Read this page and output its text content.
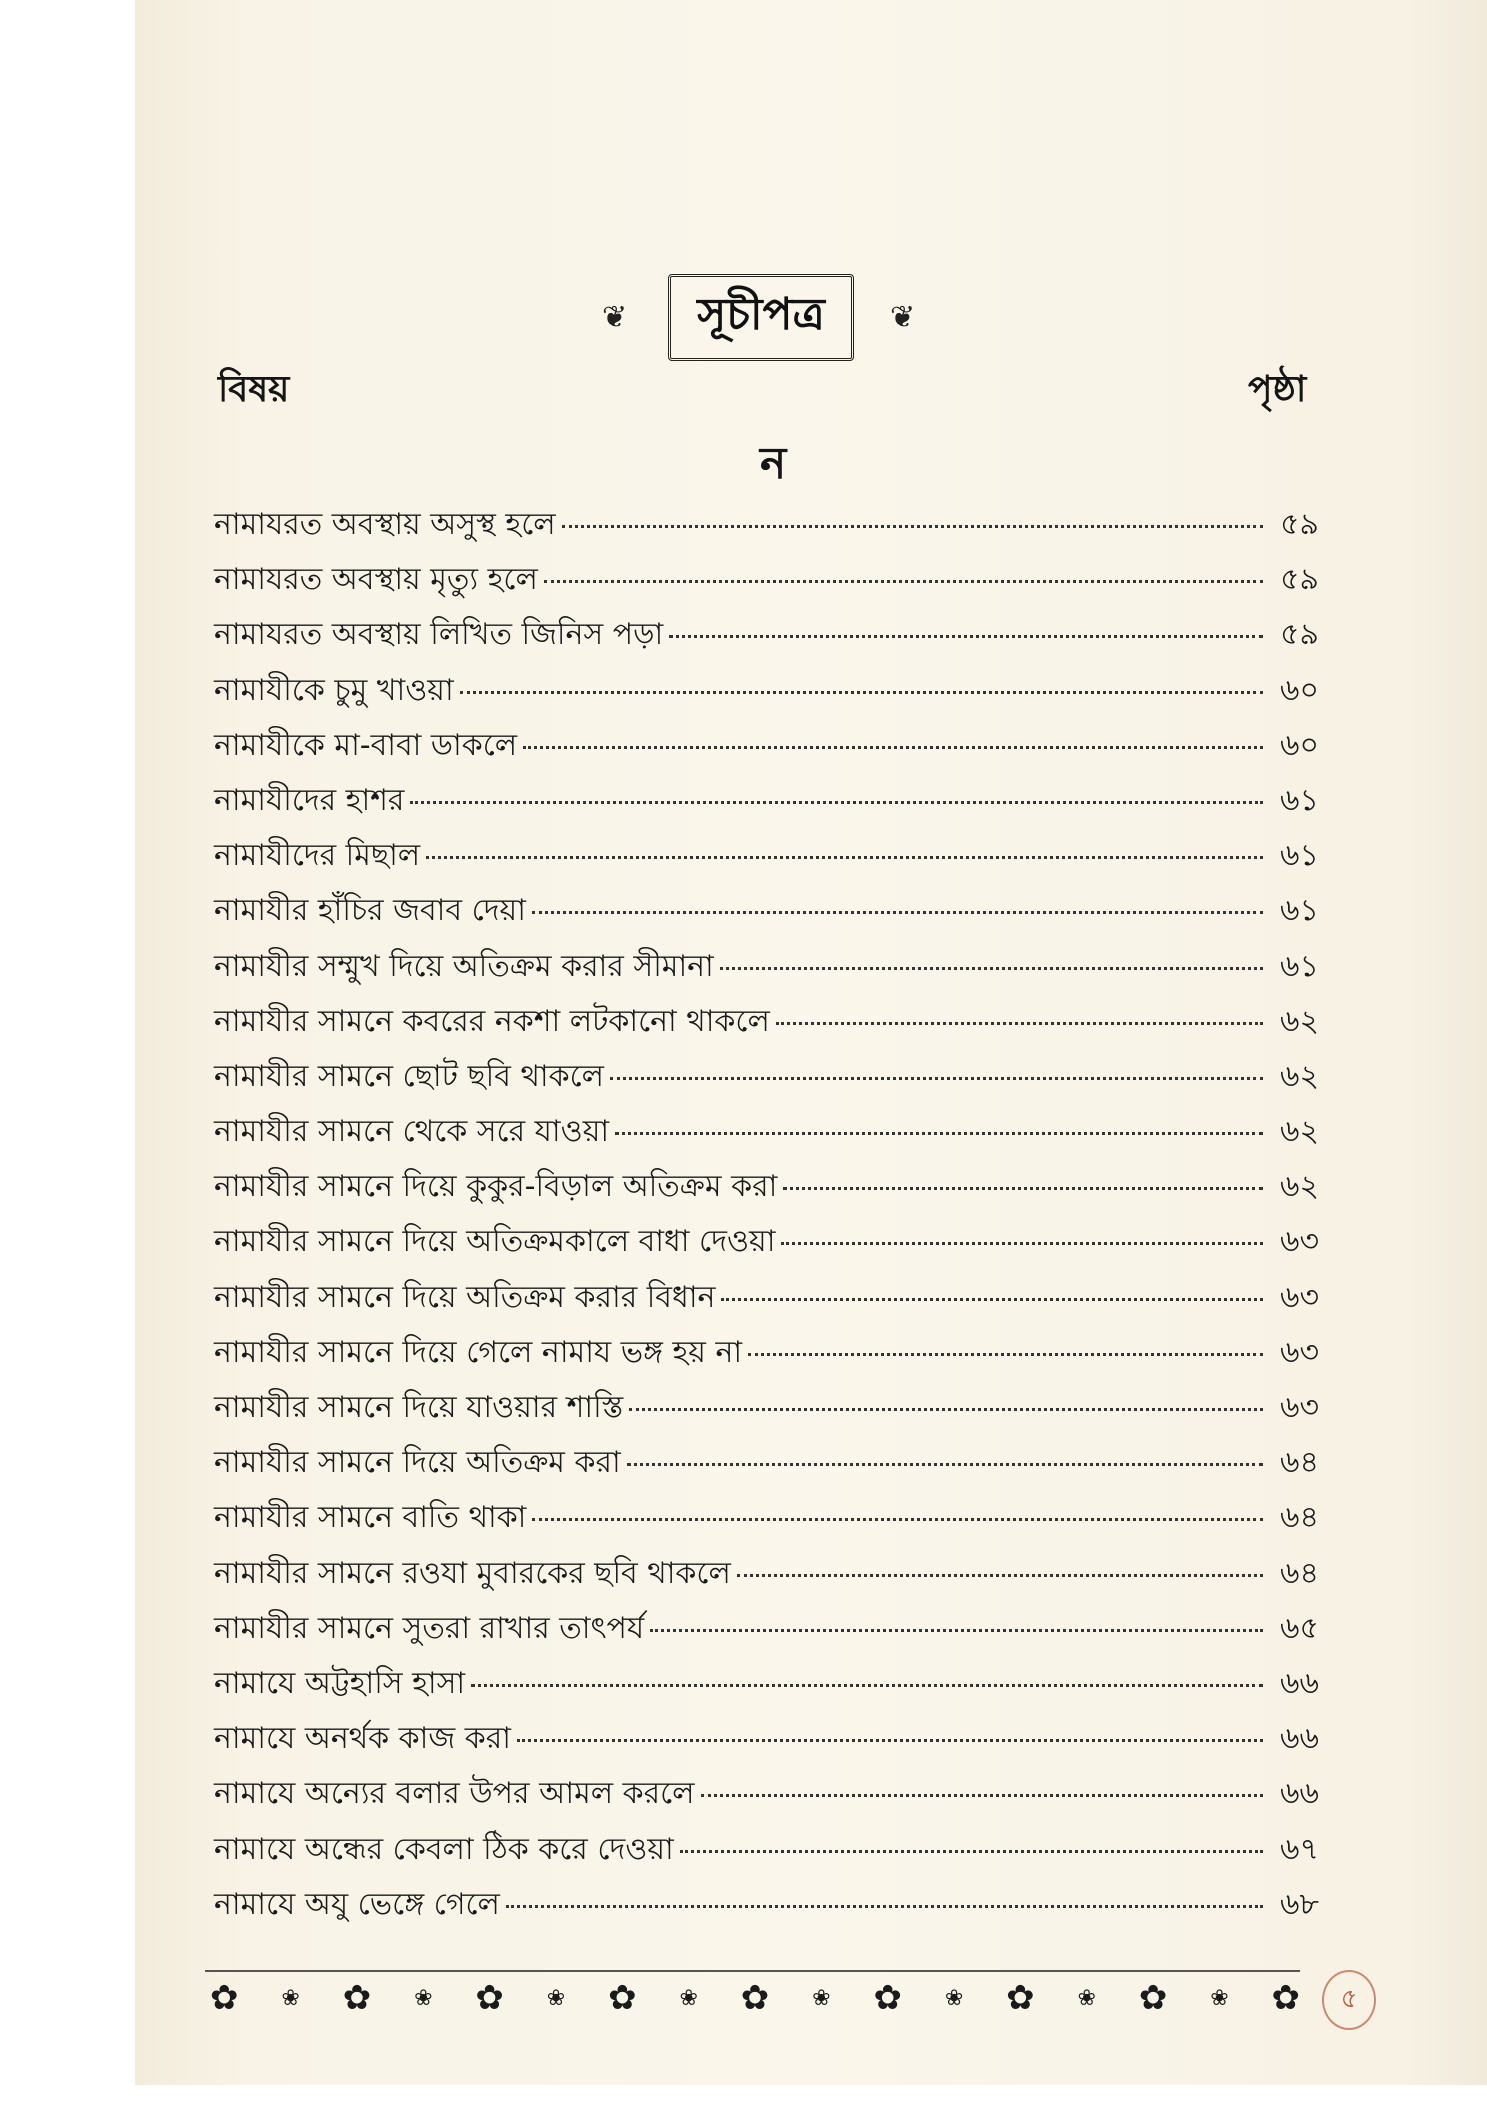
❦	সূচীপত্র	❦
বিষয়	পৃষ্ঠা
ন
নামাযরত অবস্থায় অসুস্থ হলে	৫৯
নামাযরত অবস্থায় মৃত্যু হলে	৫৯
নামাযরত অবস্থায় লিখিত জিনিস পড়া	৫৯
নামাযীকে চুমু খাওয়া	৬০
নামাযীকে মা-বাবা ডাকলে	৬০
নামাযীদের হাশর	৬১
নামাযীদের মিছাল	৬১
নামাযীর হাঁচির জবাব দেয়া	৬১
নামাযীর সম্মুখ দিয়ে অতিক্রম করার সীমানা	৬১
নামাযীর সামনে কবরের নকশা লটকানো থাকলে	৬২
নামাযীর সামনে ছোট ছবি থাকলে	৬২
নামাযীর সামনে থেকে সরে যাওয়া	৬২
নামাযীর সামনে দিয়ে কুকুর-বিড়াল অতিক্রম করা	৬২
নামাযীর সামনে দিয়ে অতিক্রমকালে বাধা দেওয়া	৬৩
নামাযীর সামনে দিয়ে অতিক্রম করার বিধান	৬৩
নামাযীর সামনে দিয়ে গেলে নামায ভঙ্গ হয় না	৬৩
নামাযীর সামনে দিয়ে যাওয়ার শাস্তি	৬৩
নামাযীর সামনে দিয়ে অতিক্রম করা	৬৪
নামাযীর সামনে বাতি থাকা	৬৪
নামাযীর সামনে রওযা মুবারকের ছবি থাকলে	৬৪
নামাযীর সামনে সুতরা রাখার তাৎপর্য	৬৫
নামাযে অট্টহাসি হাসা	৬৬
নামাযে অনর্থক কাজ করা	৬৬
নামাযে অন্যের বলার উপর আমল করলে	৬৬
নামাযে অন্ধের কেবলা ঠিক করে দেওয়া	৬৭
নামাযে অযু ভেঙ্গে গেলে	৬৮
✿ ❀ ✿ ❀ ✿ ❀ ✿ ❀ ✿ ❀ ✿ ❀ ✿ ❀ ✿ ❀ ✿	৫
